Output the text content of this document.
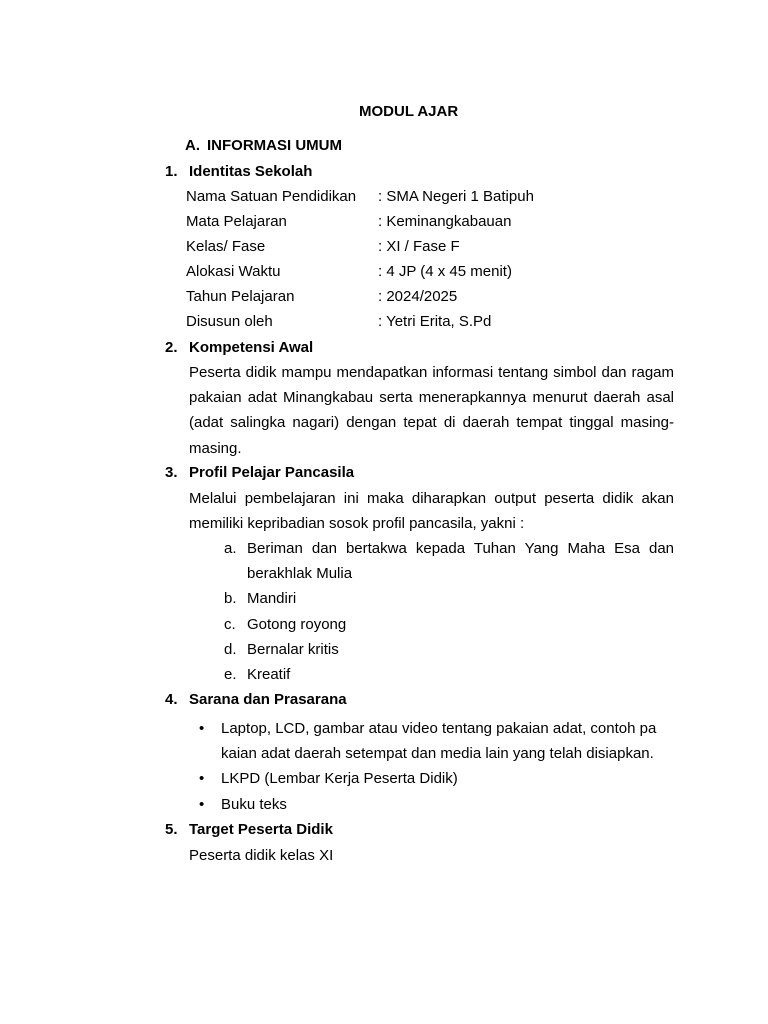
MODUL AJAR
A. INFORMASI UMUM
1. Identitas Sekolah
Nama Satuan Pendidikan : SMA Negeri 1 Batipuh
Mata Pelajaran	: Keminangkabauan
Kelas/ Fase	: XI / Fase F
Alokasi Waktu	: 4 JP (4 x 45 menit)
Tahun Pelajaran	: 2024/2025
Disusun oleh	: Yetri Erita, S.Pd
2. Kompetensi Awal
Peserta didik mampu mendapatkan informasi tentang simbol dan ragam pakaian adat Minangkabau serta menerapkannya menurut daerah asal (adat salingka nagari) dengan tepat di daerah tempat tinggal masing-masing.
3. Profil Pelajar Pancasila
Melalui pembelajaran ini maka diharapkan output peserta didik akan memiliki kepribadian sosok profil pancasila, yakni :
a. Beriman dan bertakwa kepada Tuhan Yang Maha Esa dan berakhlak Mulia
b. Mandiri
c. Gotong royong
d. Bernalar kritis
e. Kreatif
4. Sarana dan Prasarana
• Laptop, LCD, gambar atau video tentang pakaian adat, contoh pa
kaian adat daerah setempat dan media lain yang telah disiapkan.
• LKPD (Lembar Kerja Peserta Didik)
• Buku teks
5. Target Peserta Didik
Peserta didik kelas XI
